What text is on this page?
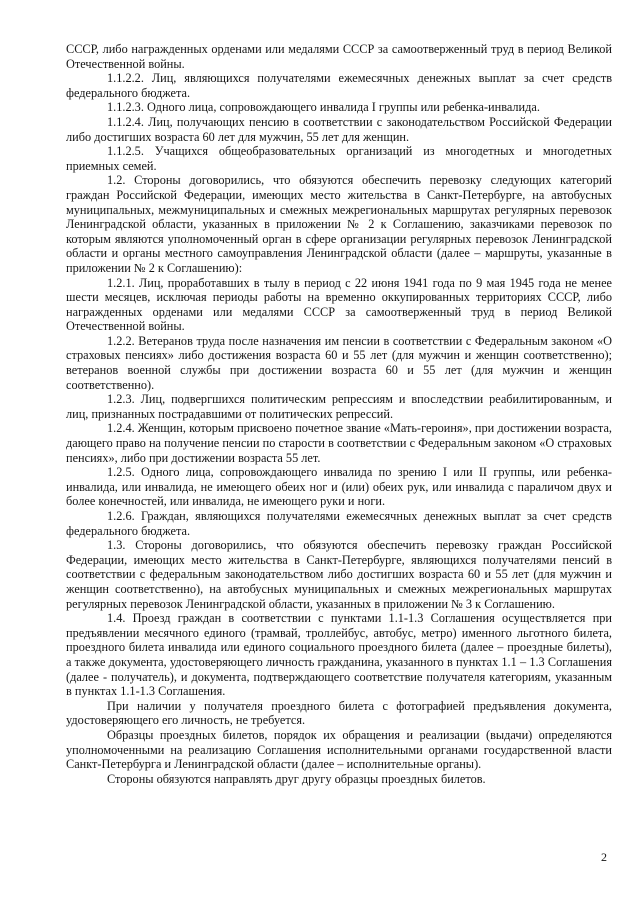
СССР, либо награжденных орденами или медалями СССР за самоотверженный труд в период Великой Отечественной войны.

1.1.2.2. Лиц, являющихся получателями ежемесячных денежных выплат за счет средств федерального бюджета.

1.1.2.3. Одного лица, сопровождающего инвалида I группы или ребенка-инвалида.

1.1.2.4. Лиц, получающих пенсию в соответствии с законодательством Российской Федерации либо достигших возраста 60 лет для мужчин, 55 лет для женщин.

1.1.2.5. Учащихся общеобразовательных организаций из многодетных и многодетных приемных семей.

1.2. Стороны договорились, что обязуются обеспечить перевозку следующих категорий граждан Российской Федерации, имеющих место жительства в Санкт-Петербурге, на автобусных муниципальных, межмуниципальных и смежных межрегиональных маршрутах регулярных перевозок Ленинградской области, указанных в приложении № 2 к Соглашению, заказчиками перевозок по которым являются уполномоченный орган в сфере организации регулярных перевозок Ленинградской области и органы местного самоуправления Ленинградской области (далее – маршруты, указанные в приложении № 2 к Соглашению):

1.2.1. Лиц, проработавших в тылу в период с 22 июня 1941 года по 9 мая 1945 года не менее шести месяцев, исключая периоды работы на временно оккупированных территориях СССР, либо награжденных орденами или медалями СССР за самоотверженный труд в период Великой Отечественной войны.

1.2.2. Ветеранов труда после назначения им пенсии в соответствии с Федеральным законом «О страховых пенсиях» либо достижения возраста 60 и 55 лет (для мужчин и женщин соответственно); ветеранов военной службы при достижении возраста 60 и 55 лет (для мужчин и женщин соответственно).

1.2.3. Лиц, подвергшихся политическим репрессиям и впоследствии реабилитированным, и лиц, признанных пострадавшими от политических репрессий.

1.2.4. Женщин, которым присвоено почетное звание «Мать-героиня», при достижении возраста, дающего право на получение пенсии по старости в соответствии с Федеральным законом «О страховых пенсиях», либо при достижении возраста 55 лет.

1.2.5. Одного лица, сопровождающего инвалида по зрению I или II группы, или ребенка-инвалида, или инвалида, не имеющего обеих ног и (или) обеих рук, или инвалида с параличом двух и более конечностей, или инвалида, не имеющего руки и ноги.

1.2.6. Граждан, являющихся получателями ежемесячных денежных выплат за счет средств федерального бюджета.

1.3. Стороны договорились, что обязуются обеспечить перевозку граждан Российской Федерации, имеющих место жительства в Санкт-Петербурге, являющихся получателями пенсий в соответствии с федеральным законодательством либо достигших возраста 60 и 55 лет (для мужчин и женщин соответственно), на автобусных муниципальных и смежных межрегиональных маршрутах регулярных перевозок Ленинградской области, указанных в приложении № 3 к Соглашению.

1.4. Проезд граждан в соответствии с пунктами 1.1-1.3 Соглашения осуществляется при предъявлении месячного единого (трамвай, троллейбус, автобус, метро) именного льготного билета, проездного билета инвалида или единого социального проездного билета (далее – проездные билеты), а также документа, удостоверяющего личность гражданина, указанного в пунктах 1.1 – 1.3 Соглашения (далее - получатель), и документа, подтверждающего соответствие получателя категориям, указанным в пунктах 1.1-1.3 Соглашения.

При наличии у получателя проездного билета с фотографией предъявления документа, удостоверяющего его личность, не требуется.

Образцы проездных билетов, порядок их обращения и реализации (выдачи) определяются уполномоченными на реализацию Соглашения исполнительными органами государственной власти Санкт-Петербурга и Ленинградской области (далее – исполнительные органы).

Стороны обязуются направлять друг другу образцы проездных билетов.

2
